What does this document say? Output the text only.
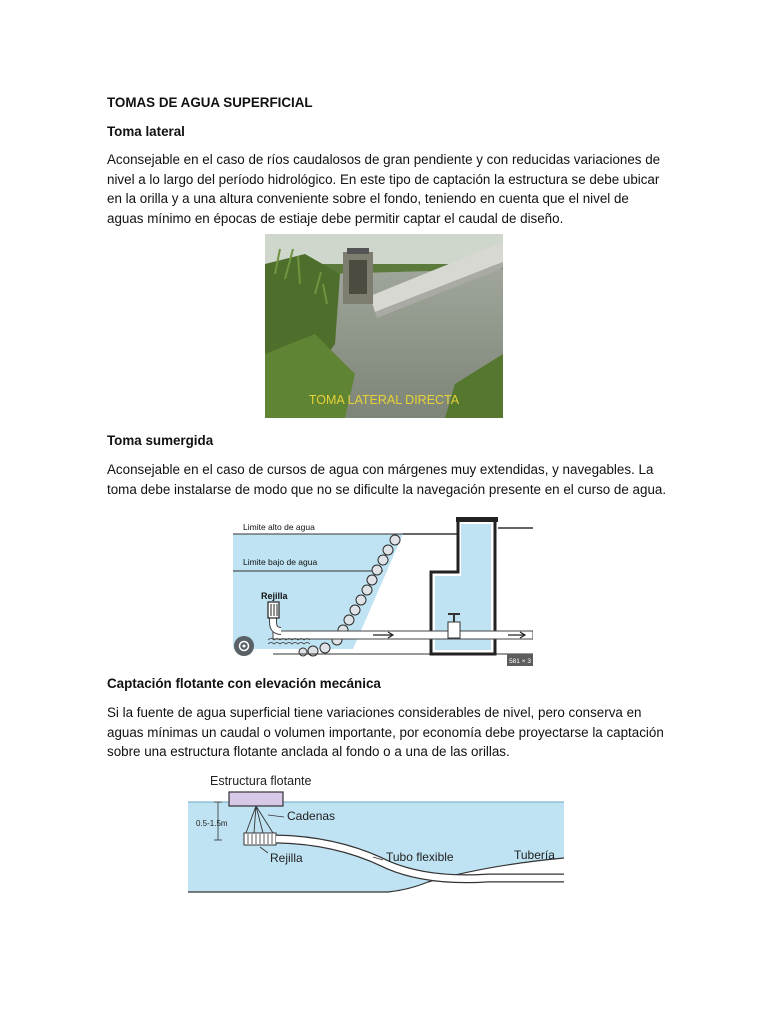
TOMAS DE AGUA SUPERFICIAL
Toma lateral
Aconsejable en el caso de ríos caudalosos de gran pendiente y con reducidas variaciones de nivel a lo largo del período hidrológico. En este tipo de captación la estructura se debe ubicar en la orilla y a una altura conveniente sobre el fondo, teniendo en cuenta que el nivel de aguas mínimo en épocas de estiaje debe permitir captar el caudal de diseño.
TOMA LATERAL DIRECTA
Toma sumergida
Aconsejable en el caso de cursos de agua con márgenes muy extendidas, y navegables. La toma debe instalarse de modo que no se dificulte la navegación presente en el curso de agua.
Limite alto de agua
Limite bajo de agua
Rejilla
581 × 3
Captación flotante con elevación mecánica
Si la fuente de agua superficial tiene variaciones considerables de nivel, pero conserva en aguas mínimas un caudal o volumen importante, por economía debe proyectarse la captación sobre una estructura flotante anclada al fondo o a una de las orillas.
Estructura flotante
0.5-1.5m
Cadenas
Rejilla	Tubo flexible	Tubería
